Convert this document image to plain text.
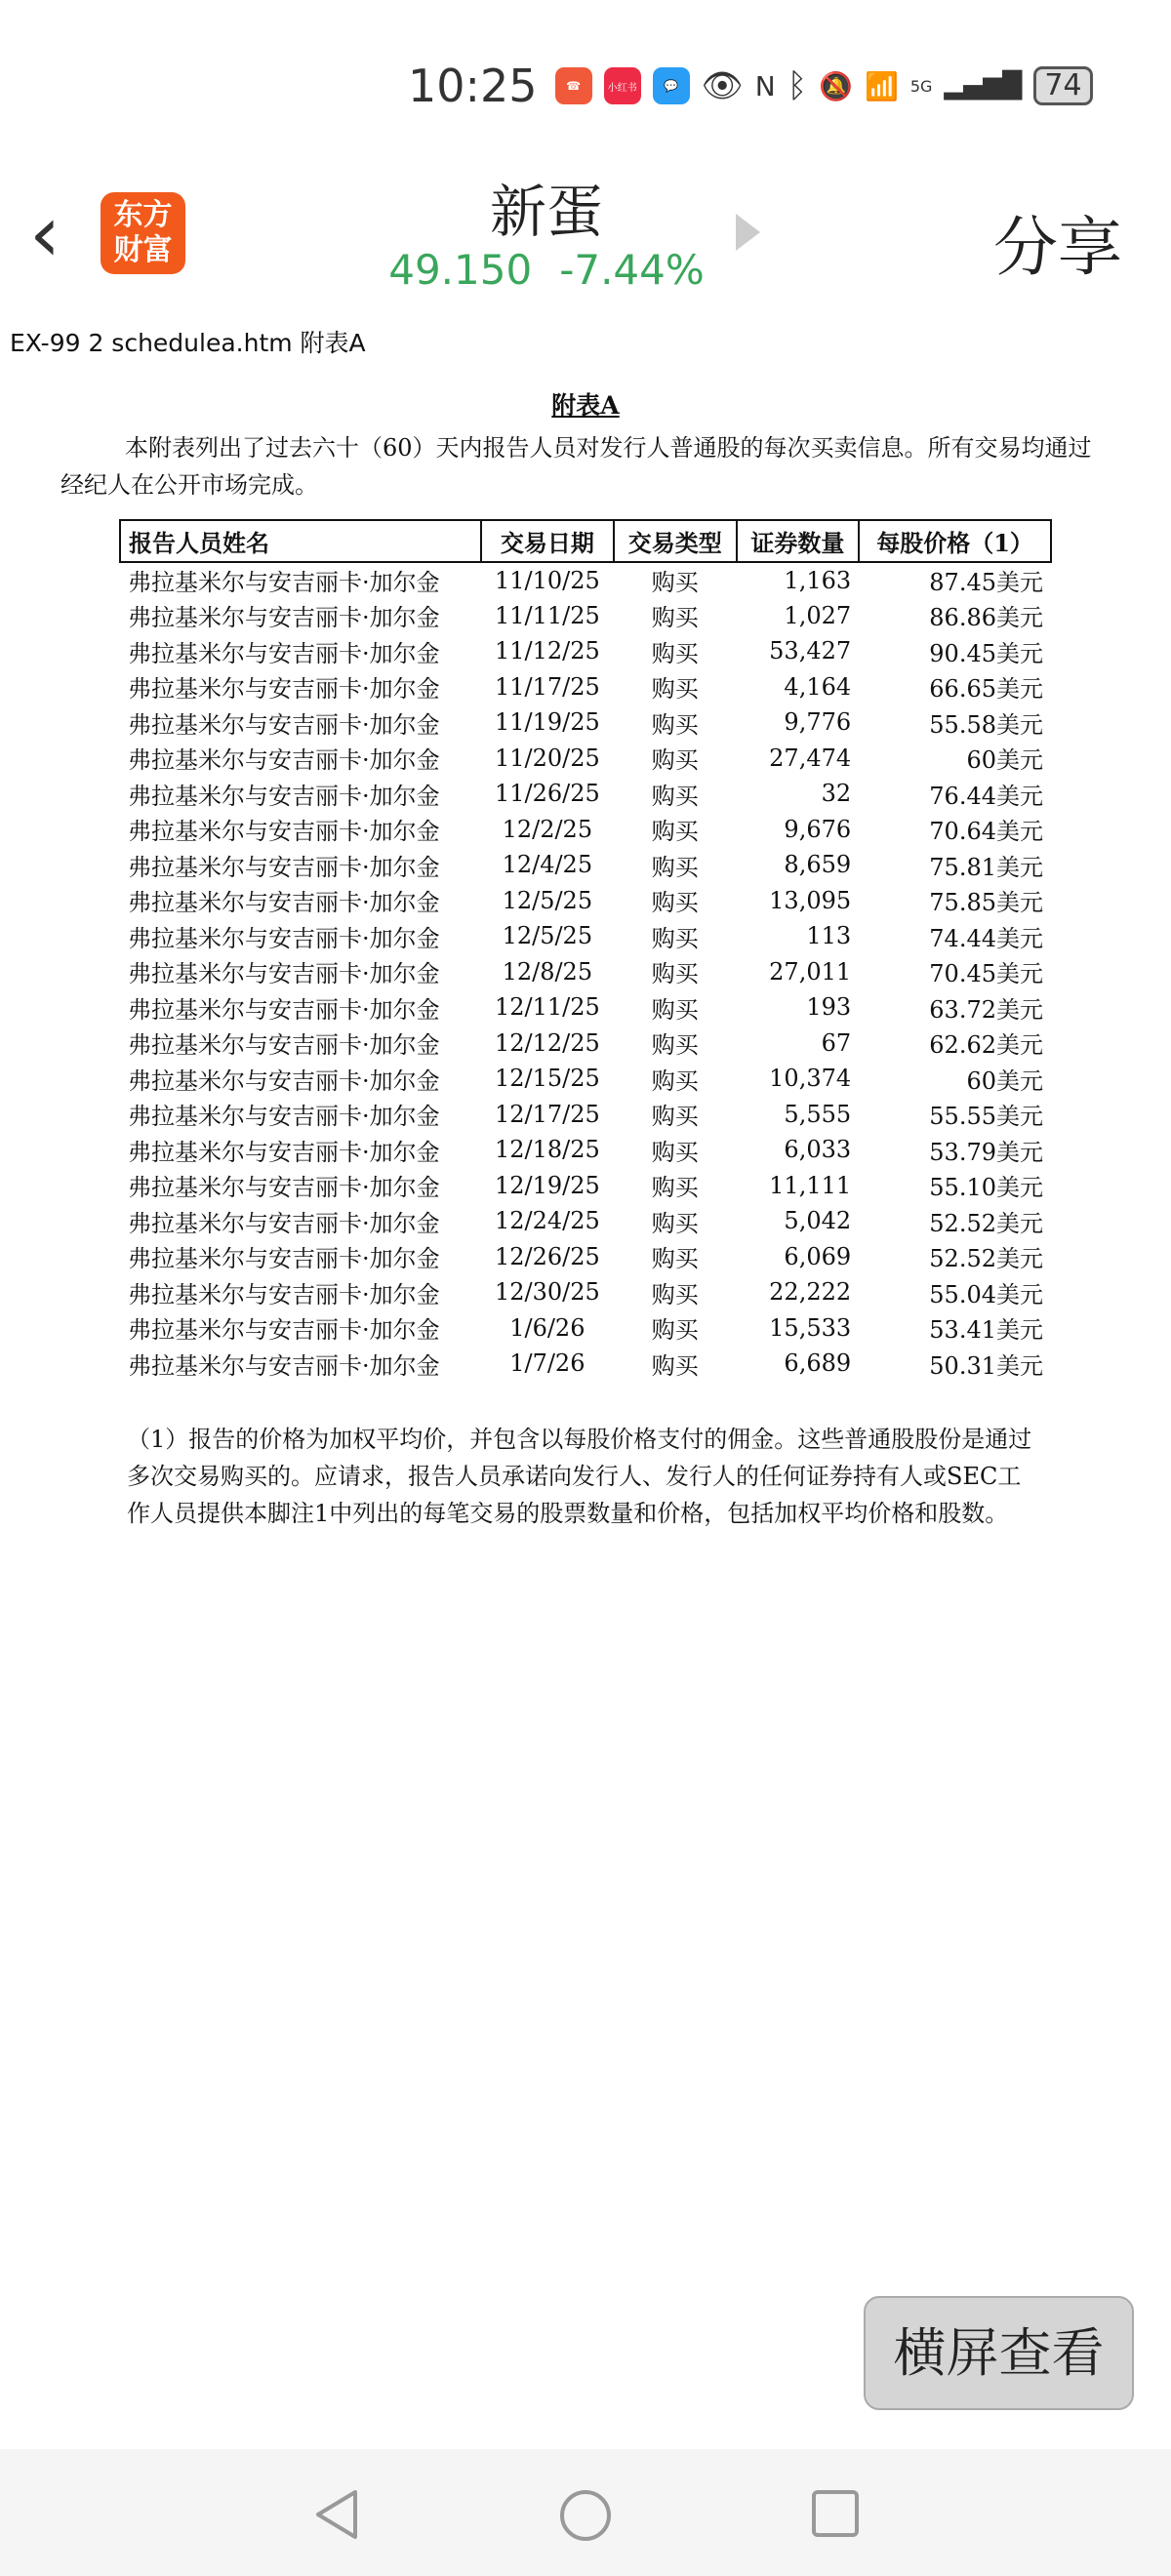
10:25	☎	小红书	💬 👁 N ᛒ 🔕 📶 5G ▂▄▆█ 74
‹ 东方财富
新蛋
49.150 -7.44%	分享
EX-99 2 schedulea.htm 附表A
附表A

本附表列出了过去六十（60）天内报告人员对发行人普通股的每次买卖信息。所有交易均通过经纪人在公开市场完成。

报告人员姓名	交易日期	交易类型	证券数量	每股价格（1）
弗拉基米尔与安吉丽卡·加尔金	11/10/25	购买	1,163	87.45美元
弗拉基米尔与安吉丽卡·加尔金	11/11/25	购买	1,027	86.86美元
弗拉基米尔与安吉丽卡·加尔金	11/12/25	购买	53,427	90.45美元
弗拉基米尔与安吉丽卡·加尔金	11/17/25	购买	4,164	66.65美元
弗拉基米尔与安吉丽卡·加尔金	11/19/25	购买	9,776	55.58美元
弗拉基米尔与安吉丽卡·加尔金	11/20/25	购买	27,474	60美元
弗拉基米尔与安吉丽卡·加尔金	11/26/25	购买	32	76.44美元
弗拉基米尔与安吉丽卡·加尔金	12/2/25	购买	9,676	70.64美元
弗拉基米尔与安吉丽卡·加尔金	12/4/25	购买	8,659	75.81美元
弗拉基米尔与安吉丽卡·加尔金	12/5/25	购买	13,095	75.85美元
弗拉基米尔与安吉丽卡·加尔金	12/5/25	购买	113	74.44美元
弗拉基米尔与安吉丽卡·加尔金	12/8/25	购买	27,011	70.45美元
弗拉基米尔与安吉丽卡·加尔金	12/11/25	购买	193	63.72美元
弗拉基米尔与安吉丽卡·加尔金	12/12/25	购买	67	62.62美元
弗拉基米尔与安吉丽卡·加尔金	12/15/25	购买	10,374	60美元
弗拉基米尔与安吉丽卡·加尔金	12/17/25	购买	5,555	55.55美元
弗拉基米尔与安吉丽卡·加尔金	12/18/25	购买	6,033	53.79美元
弗拉基米尔与安吉丽卡·加尔金	12/19/25	购买	11,111	55.10美元
弗拉基米尔与安吉丽卡·加尔金	12/24/25	购买	5,042	52.52美元
弗拉基米尔与安吉丽卡·加尔金	12/26/25	购买	6,069	52.52美元
弗拉基米尔与安吉丽卡·加尔金	12/30/25	购买	22,222	55.04美元
弗拉基米尔与安吉丽卡·加尔金	1/6/26	购买	15,533	53.41美元
弗拉基米尔与安吉丽卡·加尔金	1/7/26	购买	6,689	50.31美元

（1）报告的价格为加权平均价，并包含以每股价格支付的佣金。这些普通股股份是通过多次交易购买的。应请求，报告人员承诺向发行人、发行人的任何证券持有人或SEC工作人员提供本脚注1中列出的每笔交易的股票数量和价格，包括加权平均价格和股数。

横屏查看
